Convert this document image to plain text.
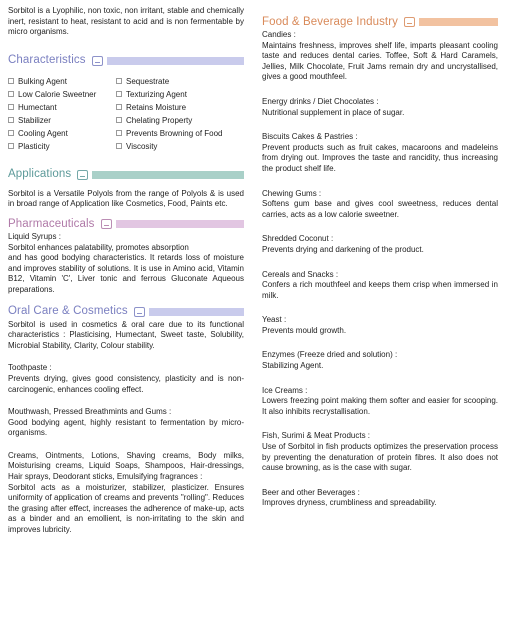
Sorbitol is a Lyophilic, non toxic, non irritant, stable and chemically inert, resistant to heat, resistant to acid and is non fermentable by micro organisms.

Characteristics
Bulking Agent
Low Calorie Sweetner
Humectant
Stabilizer
Cooling Agent
Plasticity
Sequestrate
Texturizing Agent
Retains Moisture
Chelating Property
Prevents Browning of Food
Viscosity
Applications

Sorbitol is a Versatile Polyols from the range of Polyols & is used in broad range of Application like Cosmetics, Food, Paints etc.

Pharmaceuticals

Liquid Syrups :

Sorbitol enhances palatability, promotes absorption

and has good bodying characteristics. It retards loss of moisture and improves stability of solutions. It is use in Amino acid, Vitamin B12, Vitamin 'C', Liver tonic and ferrous Gluconate Aqueous preparations.

Oral Care & Cosmetics

Sorbitol is used in cosmetics & oral care due to its functional characteristics : Plasticising, Humectant, Sweet taste, Solubility, Microbial Stability, Clarity, Colour stability.

Toothpaste :

Prevents drying, gives good consistency, plasticity and is non-carcinogenic, enhances cooling effect.

Mouthwash, Pressed Breathmints and Gums :

Good bodying agent, highly resistant to fermentation by micro-organisms.

Creams, Ointments, Lotions, Shaving creams, Body milks, Moisturising creams, Liquid Soaps, Shampoos, Hair-dressings, Hair sprays, Deodorant sticks, Emulsifying fragrances :

Sorbitol acts as a moisturizer, stabilizer, plasticizer. Ensures uniformity of application of creams and prevents "rolling". Reduces the grasing after effect, increases the adherence of make-up, acts as a binder and an emollient, is non-irritating to the skin and improves lubricity.

Food & Beverage Industry

Candies :

Maintains freshness, improves shelf life, imparts pleasant cooling taste and reduces dental caries. Toffee, Soft & Hard Caramels, Jellies, Milk Chocolate, Fruit Jams remain dry and uncrystallised, gives a good mouthfeel.

Energy drinks / Diet Chocolates :

Nutritional supplement in place of sugar.

Biscuits Cakes & Pastries :

Prevent products such as fruit cakes, macaroons and madeleins from drying out. Improves the taste and rancidity, thus increasing the product shelf life.

Chewing Gums :

Softens gum base and gives cool sweetness, reduces dental carries, acts as a low calorie sweetner.

Shredded Coconut :

Prevents drying and darkening of the product.

Cereals and Snacks :

Confers a rich mouthfeel and keeps them crisp when immersed in milk.

Yeast :

Prevents mould growth.

Enzymes (Freeze dried and solution) :

Stabilizing Agent.

Ice Creams :

Lowers freezing point making them softer and easier for scooping. It also inhibits recrystallisation.

Fish, Surimi & Meat Products :

Use of Sorbitol in fish products optimizes the preservation process by preventing the denaturation of protein fibres. It also does not cause browning, as is the case with sugar.

Beer and other Beverages :

Improves dryness, crumbliness and spreadability.
